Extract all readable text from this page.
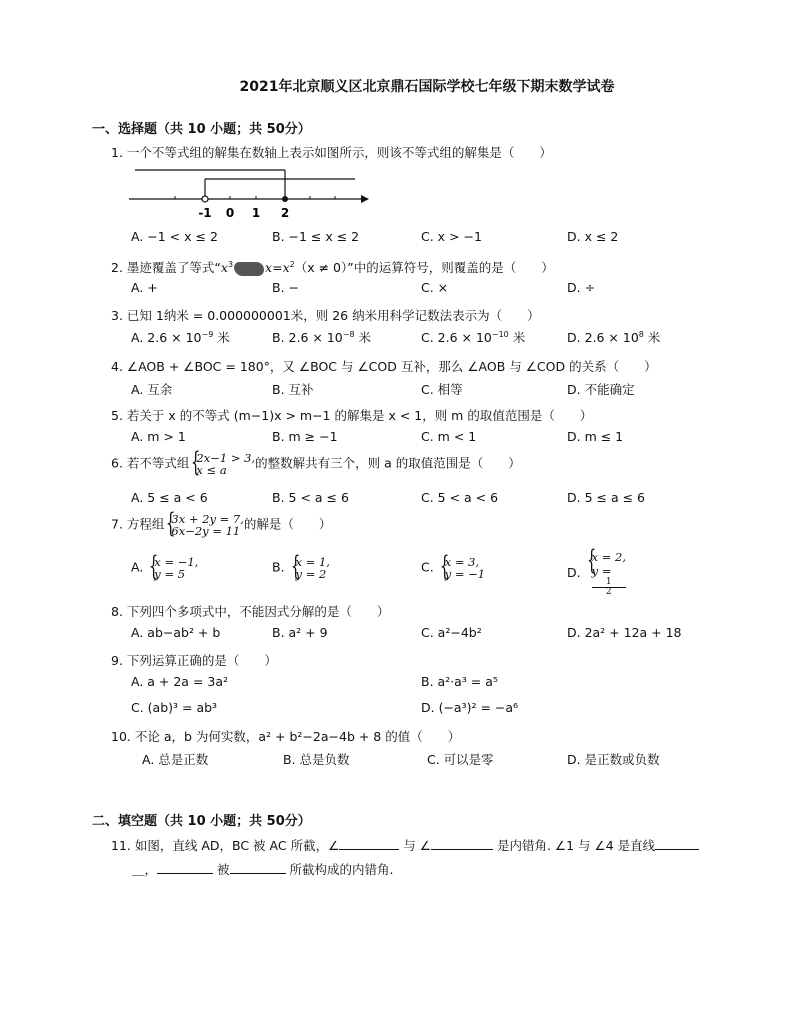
2021年北京顺义区北京鼎石国际学校七年级下期末数学试卷
一、选择题（共 10 小题；共 50分）
1. 一个不等式组的解集在数轴上表示如图所示，则该不等式组的解集是（　　）
-1 0 1 2
A. −1 < x ≤ 2	B. −1 ≤ x ≤ 2	C. x > −1	D. x ≤ 2
2. 墨迹覆盖了等式“$x^3$	$x=x^2(x \ne 0)$”中的运算符号，则覆盖的是（　　）
A. +	B. −	C. ×	D. ÷
3. 已知 1纳米 = 0.000000001米，则 26 纳米用科学记数法表示为（　　）
A. $2.6 \times 10^{-9}$ 米	B. $2.6 \times 10^{-8}$ 米	C. $2.6 \times 10^{-10}$ 米	D. $2.6 \times 10^8$ 米
4. ∠AOB + ∠BOC = 180°，又 ∠BOC 与 ∠COD 互补，那么 ∠AOB 与 ∠COD 的关系（　　）
A. 互余	B. 互补	C. 相等	D. 不能确定
5. 若关于 x 的不等式 (m−1)x > m−1 的解集是 x < 1，则 m 的取值范围是（　　）
A. m > 1	B. m ≥ −1	C. m < 1	D. m ≤ 1
6. 若不等式组 { 2x−1 > 3,
x ≤ a	的整数解共有三个，则 a 的取值范围是（　　）
A. 5 ≤ a < 6	B. 5 < a ≤ 6	C. 5 < a < 6	D. 5 ≤ a ≤ 6
7. 方程组 { 3x + 2y = 7,
6x−2y = 11 的解是（　　）
A. { x = −1,
y = 5	B. { x = 1,
y = 2	C. { x = 3,
y = −1	D.
{ x = 2,
y =
1
2
8. 下列四个多项式中，不能因式分解的是（　　）
A. ab−ab² + b	B. a² + 9	C. a²−4b²	D. 2a² + 12a + 18
9. 下列运算正确的是（　　）
A. a + 2a = 3a²	B. a²·a³ = a⁵
C. (ab)³ = ab³	D. (−a³)² = −a⁶
10. 不论 a，b 为何实数，a² + b²−2a−4b + 8 的值（　　）
A. 总是正数	B. 总是负数	C. 可以是零	D. 是正数或负数
二、填空题（共 10 小题；共 50分）
11. 如图，直线 AD，BC 被 AC 所截，∠	与 ∠	是内错角. ∠1 与 ∠4 是直线
＿，	被	所截构成的内错角.
